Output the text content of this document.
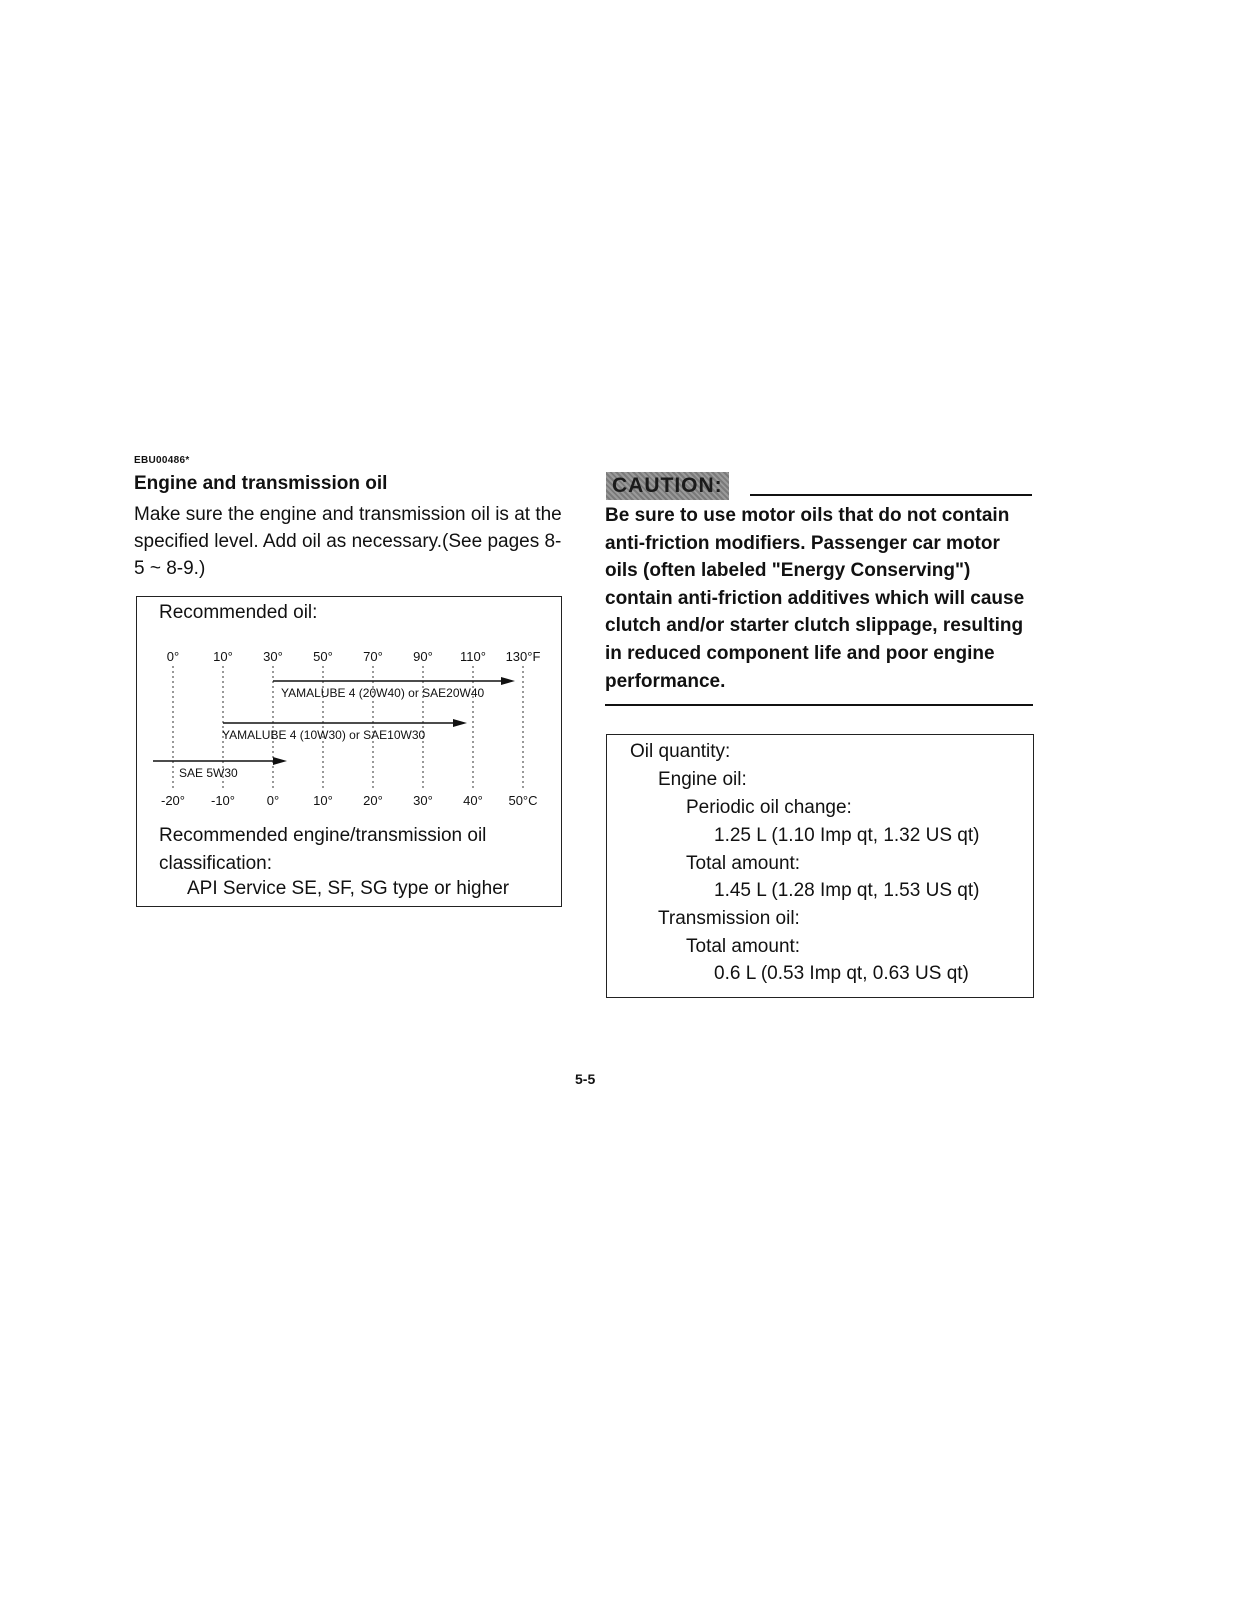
EBU00486*
Engine and transmission oil
Make sure the engine and transmission oil is at the specified level. Add oil as necessary.(See pages 8-5 ~ 8-9.)
Recommended oil:
0°	10° 30° 50° 70° 90° 110° 130°F
-20° -10° 0°	10° 20° 30° 40° 50°C
YAMALUBE 4 (20W40) or SAE20W40
YAMALUBE 4 (10W30) or SAE10W30
SAE 5W30
Recommended engine/transmission oil classification:
API Service SE, SF, SG type or higher
CAUTION:
Be sure to use motor oils that do not contain anti-friction modifiers. Passenger car motor oils (often labeled "Energy Conserving") contain anti-friction additives which will cause clutch and/or starter clutch slippage, resulting in reduced component life and poor engine performance.
Oil quantity:
Engine oil:
Periodic oil change:
1.25 L (1.10 Imp qt, 1.32 US qt)
Total amount:
1.45 L (1.28 Imp qt, 1.53 US qt)
Transmission oil:
Total amount:
0.6 L (0.53 Imp qt, 0.63 US qt)
5-5
